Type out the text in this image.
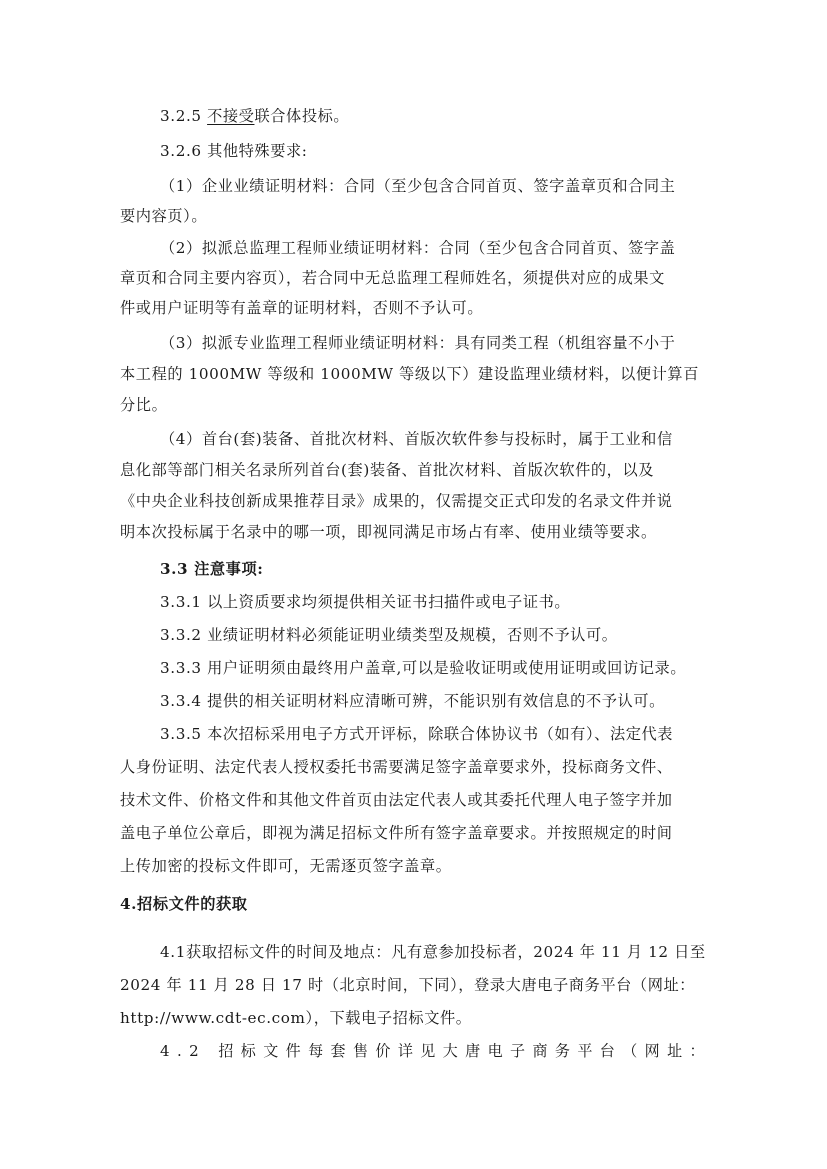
3.2.5 不接受联合体投标。
3.2.6 其他特殊要求:
（1）企业业绩证明材料：合同（至少包含合同首页、签字盖章页和合同主
要内容页）。
（2）拟派总监理工程师业绩证明材料：合同（至少包含合同首页、签字盖
章页和合同主要内容页），若合同中无总监理工程师姓名，须提供对应的成果文
件或用户证明等有盖章的证明材料，否则不予认可。
（3）拟派专业监理工程师业绩证明材料：具有同类工程（机组容量不小于
本工程的 1000MW 等级和 1000MW 等级以下）建设监理业绩材料，以便计算百
分比。
（4）首台(套)装备、首批次材料、首版次软件参与投标时，属于工业和信
息化部等部门相关名录所列首台(套)装备、首批次材料、首版次软件的，以及
《中央企业科技创新成果推荐目录》成果的，仅需提交正式印发的名录文件并说
明本次投标属于名录中的哪一项，即视同满足市场占有率、使用业绩等要求。
3.3 注意事项:
3.3.1 以上资质要求均须提供相关证书扫描件或电子证书。
3.3.2 业绩证明材料必须能证明业绩类型及规模，否则不予认可。
3.3.3 用户证明须由最终用户盖章,可以是验收证明或使用证明或回访记录。
3.3.4 提供的相关证明材料应清晰可辨，不能识别有效信息的不予认可。
3.3.5 本次招标采用电子方式开评标，除联合体协议书（如有）、法定代表
人身份证明、法定代表人授权委托书需要满足签字盖章要求外，投标商务文件、
技术文件、价格文件和其他文件首页由法定代表人或其委托代理人电子签字并加
盖电子单位公章后，即视为满足招标文件所有签字盖章要求。并按照规定的时间
上传加密的投标文件即可，无需逐页签字盖章。
4.招标文件的获取
4.1获取招标文件的时间及地点：凡有意参加投标者，2024 年 11 月 12 日至
2024 年 11 月 28 日 17 时（北京时间，下同），登录大唐电子商务平台（网址：
http://www.cdt-ec.com），下载电子招标文件。
4.2 招标文件每套售价详见大唐电子商务平台（网址：
